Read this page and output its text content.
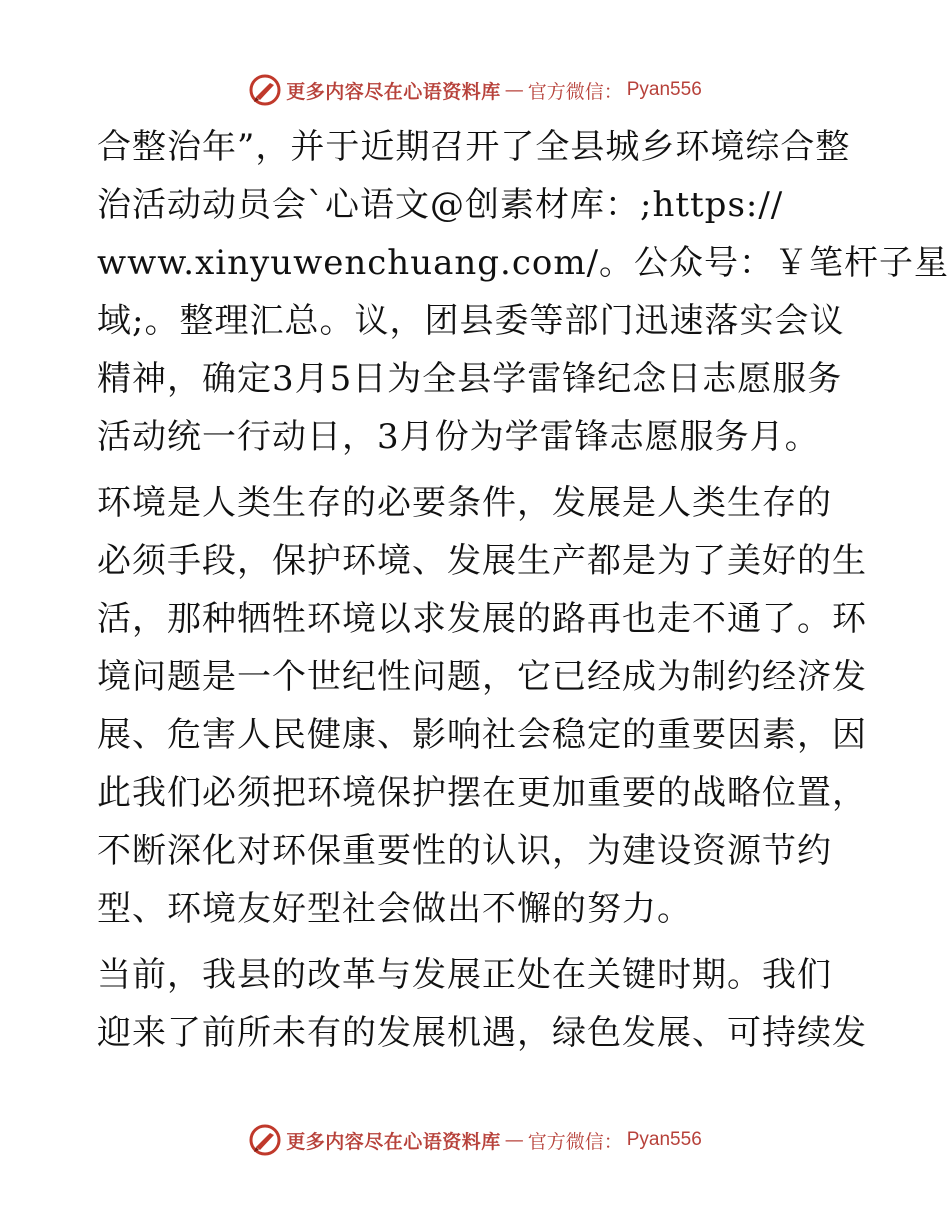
更多内容尽在心语资料库 — 官方微信： Pyan556

合整治年”，并于近期召开了全县城乡环境综合整
治活动动员会`心语文@创素材库：;https://
www.xinyuwenchuang.com/。公众号：￥笔杆子星
域;。整理汇总。议，团县委等部门迅速落实会议
精神，确定3月5日为全县学雷锋纪念日志愿服务
活动统一行动日，3月份为学雷锋志愿服务月。

环境是人类生存的必要条件，发展是人类生存的
必须手段，保护环境、发展生产都是为了美好的生
活，那种牺牲环境以求发展的路再也走不通了。环
境问题是一个世纪性问题，它已经成为制约经济发
展、危害人民健康、影响社会稳定的重要因素，因
此我们必须把环境保护摆在更加重要的战略位置，
不断深化对环保重要性的认识，为建设资源节约
型、环境友好型社会做出不懈的努力。

当前，我县的改革与发展正处在关键时期。我们
迎来了前所未有的发展机遇，绿色发展、可持续发

更多内容尽在心语资料库 — 官方微信： Pyan556
